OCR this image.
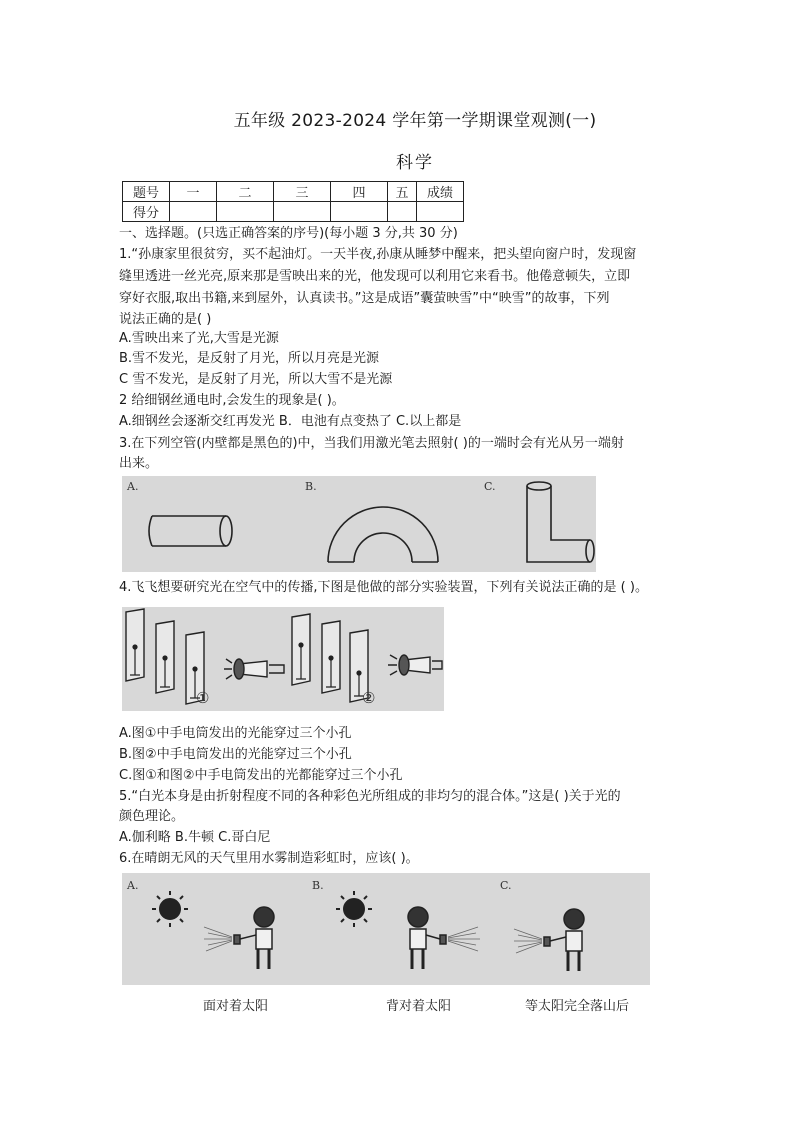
五年级 2023-2024 学年第一学期课堂观测(一)
科学
题号	一	二	三	四	五	成绩
得分						
一、选择题。(只选正确答案的序号)(每小题 3 分,共 30 分)
1.“孙康家里很贫穷，买不起油灯。一天半夜,孙康从睡梦中醒来，把头望向窗户时，发现窗
缝里透进一丝光亮,原来那是雪映出来的光，他发现可以利用它来看书。他倦意顿失，立即
穿好衣服,取出书籍,来到屋外，认真读书。”这是成语”囊萤映雪”中“映雪”的故事，下列
说法正确的是( )
A.雪映出来了光,大雪是光源
B.雪不发光，是反射了月光，所以月亮是光源
C 雪不发光，是反射了月光，所以大雪不是光源
2 给细钢丝通电时,会发生的现象是( )。
A.细钢丝会逐渐交红再发光 B．电池有点变热了 C.以上都是
3.在下列空管(内壁都是黑色的)中，当我们用激光笔去照射( )的一端时会有光从另一端射
出来。
A.	B.	C.
4.飞飞想要研究光在空气中的传播,下图是他做的部分实验装置，下列有关说法正确的是 ( )。
①	②
A.图①中手电筒发出的光能穿过三个小孔
B.图②中手电筒发出的光能穿过三个小孔
C.图①和图②中手电筒发出的光都能穿过三个小孔
5.“白光本身是由折射程度不同的各种彩色光所组成的非均匀的混合体。”这是( )关于光的
颜色理论。
A.伽利略 B.牛顿 C.哥白尼
6.在晴朗无风的天气里用水雾制造彩虹时，应该( )。
A.	B.	C.
面对着太阳	背对着太阳	等太阳完全落山后
